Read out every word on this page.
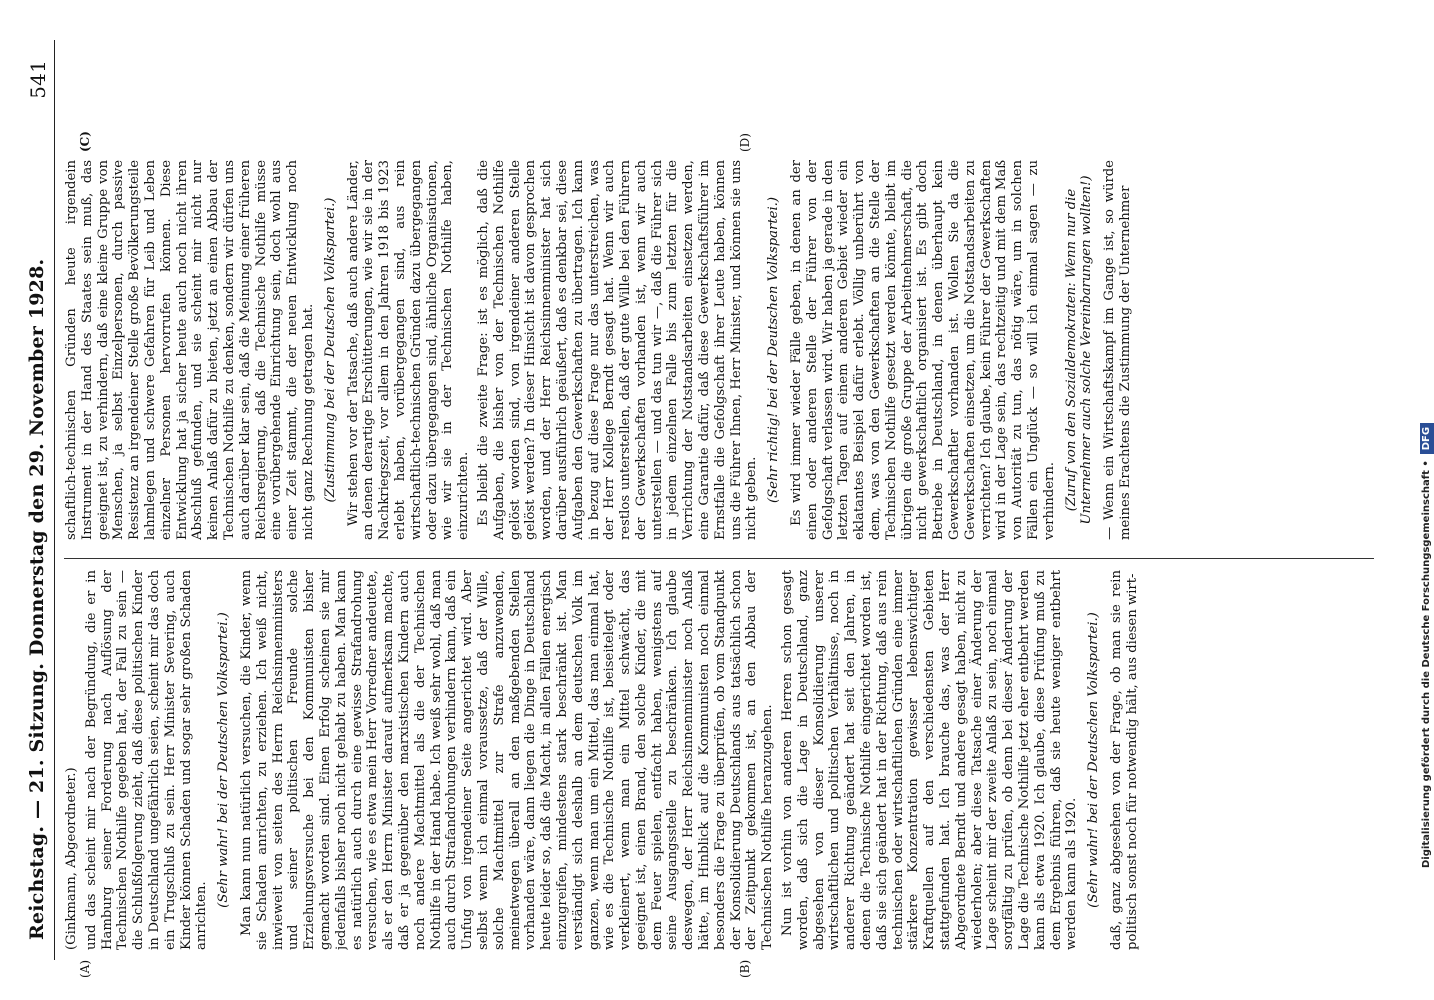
Reichstag. — 21. Sitzung. Donnerstag den 29. November 1928.
541
(A)	(B)
(C)	(D)

(Ginkmann, Abgeordneter.) und das scheint mir nach der Begründung, die er in Hamburg seiner Forderung nach Auflösung der Technischen Nothilfe gegeben hat, der Fall zu sein — die Schlußfolgerung zieht, daß diese politischen Kinder in Deutschland ungefährlich seien, scheint mir das doch ein Trugschluß zu sein. Herr Minister Severing, auch Kinder können Schaden und sogar sehr großen Schaden anrichten.

(Sehr wahr! bei der Deutschen Volkspartei.) Man kann nun natürlich versuchen, die Kinder, wenn sie Schaden anrichten, zu erziehen. Ich weiß nicht, inwieweit von seiten des Herrn Reichsinnenministers und seiner politischen Freunde solche Erziehungsversuche bei den Kommunisten bisher gemacht worden sind. Einen Erfolg scheinen sie mir jedenfalls bisher noch nicht gehabt zu haben. Man kann es natürlich auch durch eine gewisse Strafandrohung versuchen, wie es etwa mein Herr Vorredner andeutete, als er den Herrn Minister darauf aufmerksam machte, daß er ja gegenüber den marxistischen Kindern auch noch andere Machtmittel als die der Technischen Nothilfe in der Hand habe. Ich weiß sehr wohl, daß man auch durch Strafandrohungen verhindern kann, daß ein Unfug von irgendeiner Seite angerichtet wird. Aber selbst wenn ich einmal voraussetze, daß der Wille, solche Machtmittel zur Strafe anzuwenden, meinetwegen überall an den maßgebenden Stellen vorhanden wäre, dann liegen die Dinge in Deutschland heute leider so, daß die Macht, in allen Fällen energisch einzugreifen, mindestens stark beschränkt ist. Man verständigt sich deshalb an dem deutschen Volk im ganzen, wenn man um ein Mittel, das man einmal hat, wie es die Technische Nothilfe ist, beiseitelegt oder verkleinert, wenn man ein Mittel schwächt, das geeignet ist, einen Brand, den solche Kinder, die mit dem Feuer spielen, entfacht haben, wenigstens auf seine Ausgangsstelle zu beschränken. Ich glaube deswegen, der Herr Reichsinnenminister noch Anlaß hätte, im Hinblick auf die Kommunisten noch einmal besonders die Frage zu überprüfen, ob vom Standpunkt der Konsolidierung Deutschlands aus tatsächlich schon der Zeitpunkt gekommen ist, an den Abbau der Technischen Nothilfe heranzugehen. Nun ist vorhin von anderen Herren schon gesagt worden, daß sich die Lage in Deutschland, ganz abgesehen von dieser Konsolidierung unserer wirtschaftlichen und politischen Verhältnisse, noch in anderer Richtung geändert hat seit den Jahren, in denen die Technische Nothilfe eingerichtet worden ist, daß sie sich geändert hat in der Richtung, daß aus rein technischen oder wirtschaftlichen Gründen eine immer stärkere Konzentration gewisser lebenswichtiger Kraftquellen auf den verschiedensten Gebieten stattgefunden hat. Ich brauche das, was der Herr Abgeordnete Berndt und andere gesagt haben, nicht zu wiederholen; aber diese Tatsache einer Änderung der Lage scheint mir der zweite Anlaß zu sein, noch einmal sorgfältig zu prüfen, ob denn bei dieser Änderung der Lage die Technische Nothilfe jetzt eher entbehrt werden kann als etwa 1920. Ich glaube, diese Prüfung muß zu dem Ergebnis führen, daß sie heute weniger entbehrt werden kann als 1920. (Sehr wahr! bei der Deutschen Volkspartei.) daß, ganz abgesehen von der Frage, ob man sie rein politisch sonst noch für notwendig hält, aus diesen wirt-

schaftlich-technischen Gründen heute irgendein Instrument in der Hand des Staates sein muß, das geeignet ist, zu verhindern, daß eine kleine Gruppe von Menschen, ja selbst Einzelpersonen, durch passive Resistenz an irgendeiner Stelle große Bevölkerungsteile lahmlegen und schwere Gefahren für Leib und Leben einzelner Personen hervorrufen können. Diese Entwicklung hat ja sicher heute auch noch nicht ihren Abschluß gefunden, und sie scheint mir nicht nur keinen Anlaß dafür zu bieten, jetzt an einen Abbau der Technischen Nothilfe zu denken, sondern wir dürfen uns auch darüber klar sein, daß die Meinung einer früheren Reichsregierung, daß die Technische Nothilfe müsse eine vorübergehende Einrichtung sein, doch wohl aus einer Zeit stammt, die der neuen Entwicklung noch nicht ganz Rechnung getragen hat. (Zustimmung bei der Deutschen Volkspartei.) Wir stehen vor der Tatsache, daß auch andere Länder, an denen derartige Erschütterungen, wie wir sie in der Nachkriegszeit, vor allem in den Jahren 1918 bis 1923 erlebt haben, vorübergegangen sind, aus rein wirtschaftlich-technischen Gründen dazu übergegangen oder dazu übergegangen sind, ähnliche Organisationen, wie wir sie in der Technischen Nothilfe haben, einzurichten. Es bleibt die zweite Frage: ist es möglich, daß die Aufgaben, die bisher von der Technischen Nothilfe gelöst worden sind, von irgendeiner anderen Stelle gelöst werden? In dieser Hinsicht ist davon gesprochen worden, und der Herr Reichsinnenminister hat sich darüber ausführlich geäußert, daß es denkbar sei, diese Aufgaben den Gewerkschaften zu übertragen. Ich kann in bezug auf diese Frage nur das unterstreichen, was der Herr Kollege Berndt gesagt hat. Wenn wir auch restlos unterstellen, daß der gute Wille bei den Führern der Gewerkschaften vorhanden ist, wenn wir auch unterstellen — und das tun wir —, daß die Führer sich in jedem einzelnen Falle bis zum letzten für die Verrichtung der Notstandsarbeiten einsetzen werden, eine Garantie dafür, daß diese Gewerkschaftsführer im Ernstfalle die Gefolgschaft ihrer Leute haben, können uns die Führer Ihnen, Herr Minister, und können sie uns nicht geben. (Sehr richtig! bei der Deutschen Volkspartei.) Es wird immer wieder Fälle geben, in denen an der einen oder anderen Stelle der Führer von der Gefolgschaft verlassen wird. Wir haben ja gerade in den letzten Tagen auf einem anderen Gebiet wieder ein eklatantes Beispiel dafür erlebt. Völlig unberührt von dem, was von den Gewerkschaften an die Stelle der Technischen Nothilfe gesetzt werden könnte, bleibt im übrigen die große Gruppe der Arbeitnehmerschaft, die nicht gewerkschaftlich organisiert ist. Es gibt doch Betriebe in Deutschland, in denen überhaupt kein Gewerkschaftler vorhanden ist. Wollen Sie da die Gewerkschaften einsetzen, um die Notstandsarbeiten zu verrichten? Ich glaube, kein Führer der Gewerkschaften wird in der Lage sein, das rechtzeitig und mit dem Maß von Autorität zu tun, das nötig wäre, um in solchen Fällen ein Unglück — so will ich einmal sagen — zu verhindern. (Zuruf von den Sozialdemokraten: Wenn nur die Unternehmer auch solche Vereinbarungen wollten!) — Wenn ein Wirtschaftskampf im Gange ist, so würde meines Erachtens die Zustimmung der Unternehmer

Digitalisierung gefördert durch die Deutsche Forschungsgemeinschaft •DFG
